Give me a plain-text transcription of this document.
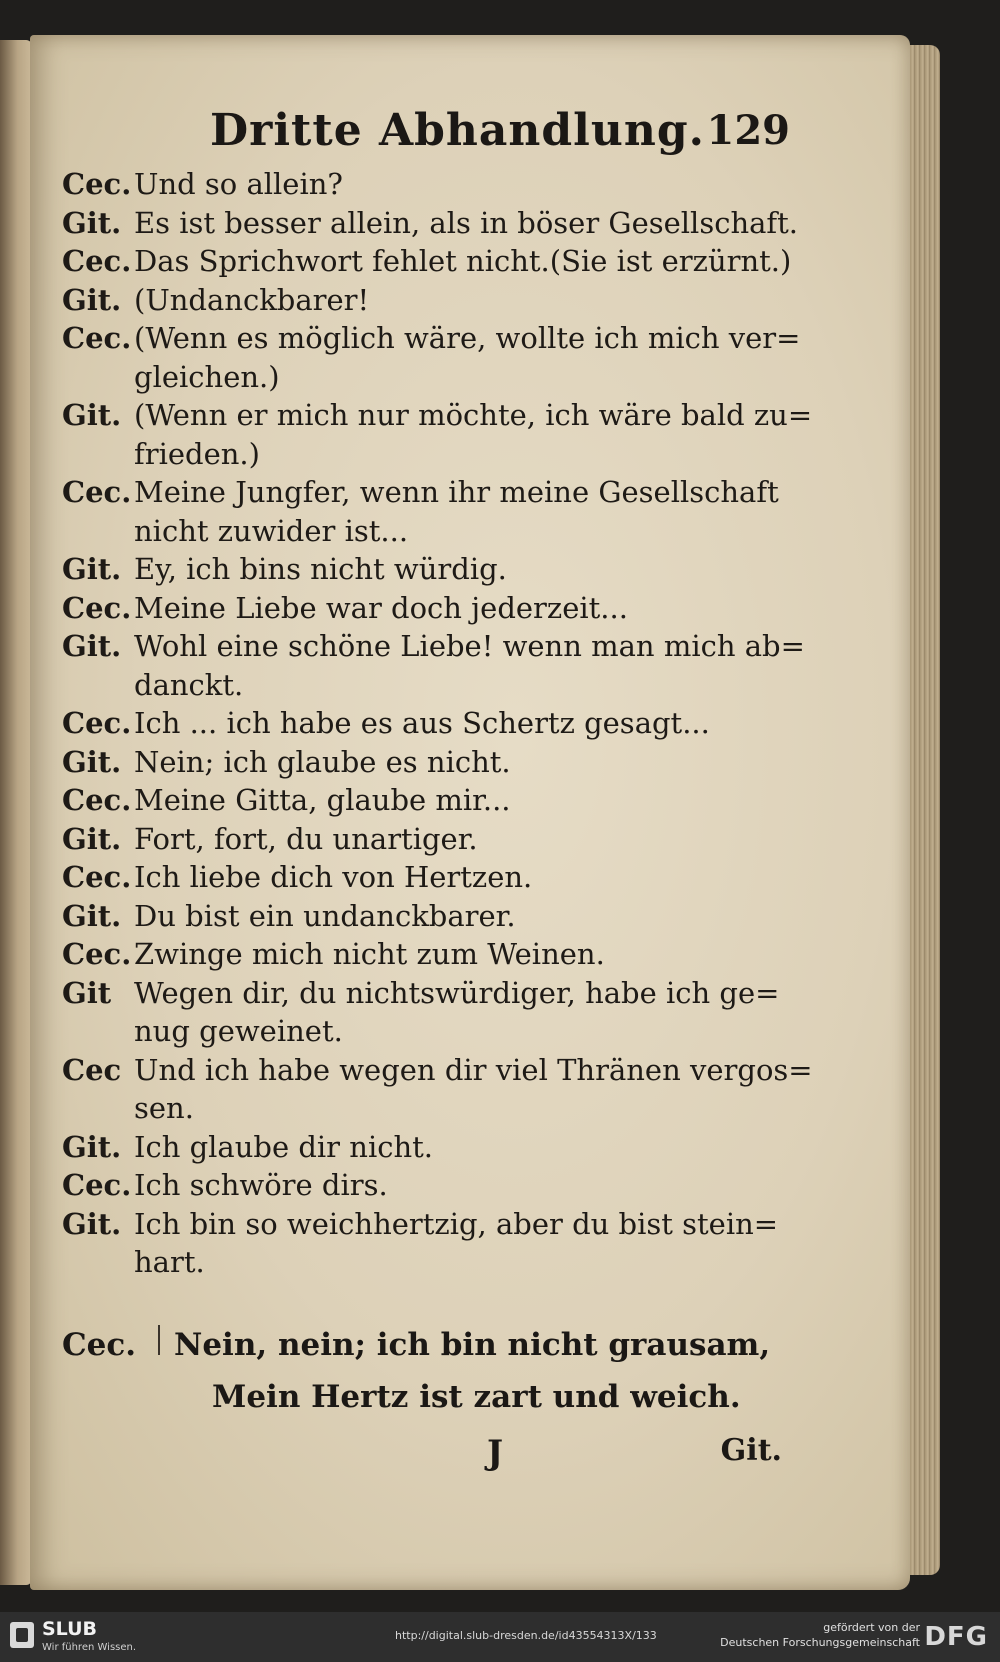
Dritte Abhandlung. 129
Cec. Und so allein?
Git. Es ist besser allein, als in böser Gesellschaft.
Cec. Das Sprichwort fehlet nicht.(Sie ist erzürnt.)
Git. (Undanckbarer!
Cec. (Wenn es möglich wäre, wollte ich mich ver=
gleichen.)
Git. (Wenn er mich nur möchte, ich wäre bald zu=
frieden.)
Cec. Meine Jungfer, wenn ihr meine Gesellschaft
nicht zuwider ist...
Git. Ey, ich bins nicht würdig.
Cec. Meine Liebe war doch jederzeit...
Git. Wohl eine schöne Liebe! wenn man mich ab=
danckt.
Cec. Ich ... ich habe es aus Schertz gesagt...
Git. Nein; ich glaube es nicht.
Cec. Meine Gitta, glaube mir...
Git. Fort, fort, du unartiger.
Cec. Ich liebe dich von Hertzen.
Git. Du bist ein undanckbarer.
Cec. Zwinge mich nicht zum Weinen.
Git Wegen dir, du nichtswürdiger, habe ich ge=
nug geweinet.
Cec Und ich habe wegen dir viel Thränen vergos=
sen.
Git. Ich glaube dir nicht.
Cec. Ich schwöre dirs.
Git. Ich bin so weichhertzig, aber du bist stein=
hart.
Cec.	Nein, nein; ich bin nicht grausam,
Mein Hertz ist zart und weich.
J	Git.
SLUB
Wir führen Wissen.
http://digital.slub-dresden.de/id43554313X/133
gefördert von der
Deutschen Forschungsgemeinschaft DFG
